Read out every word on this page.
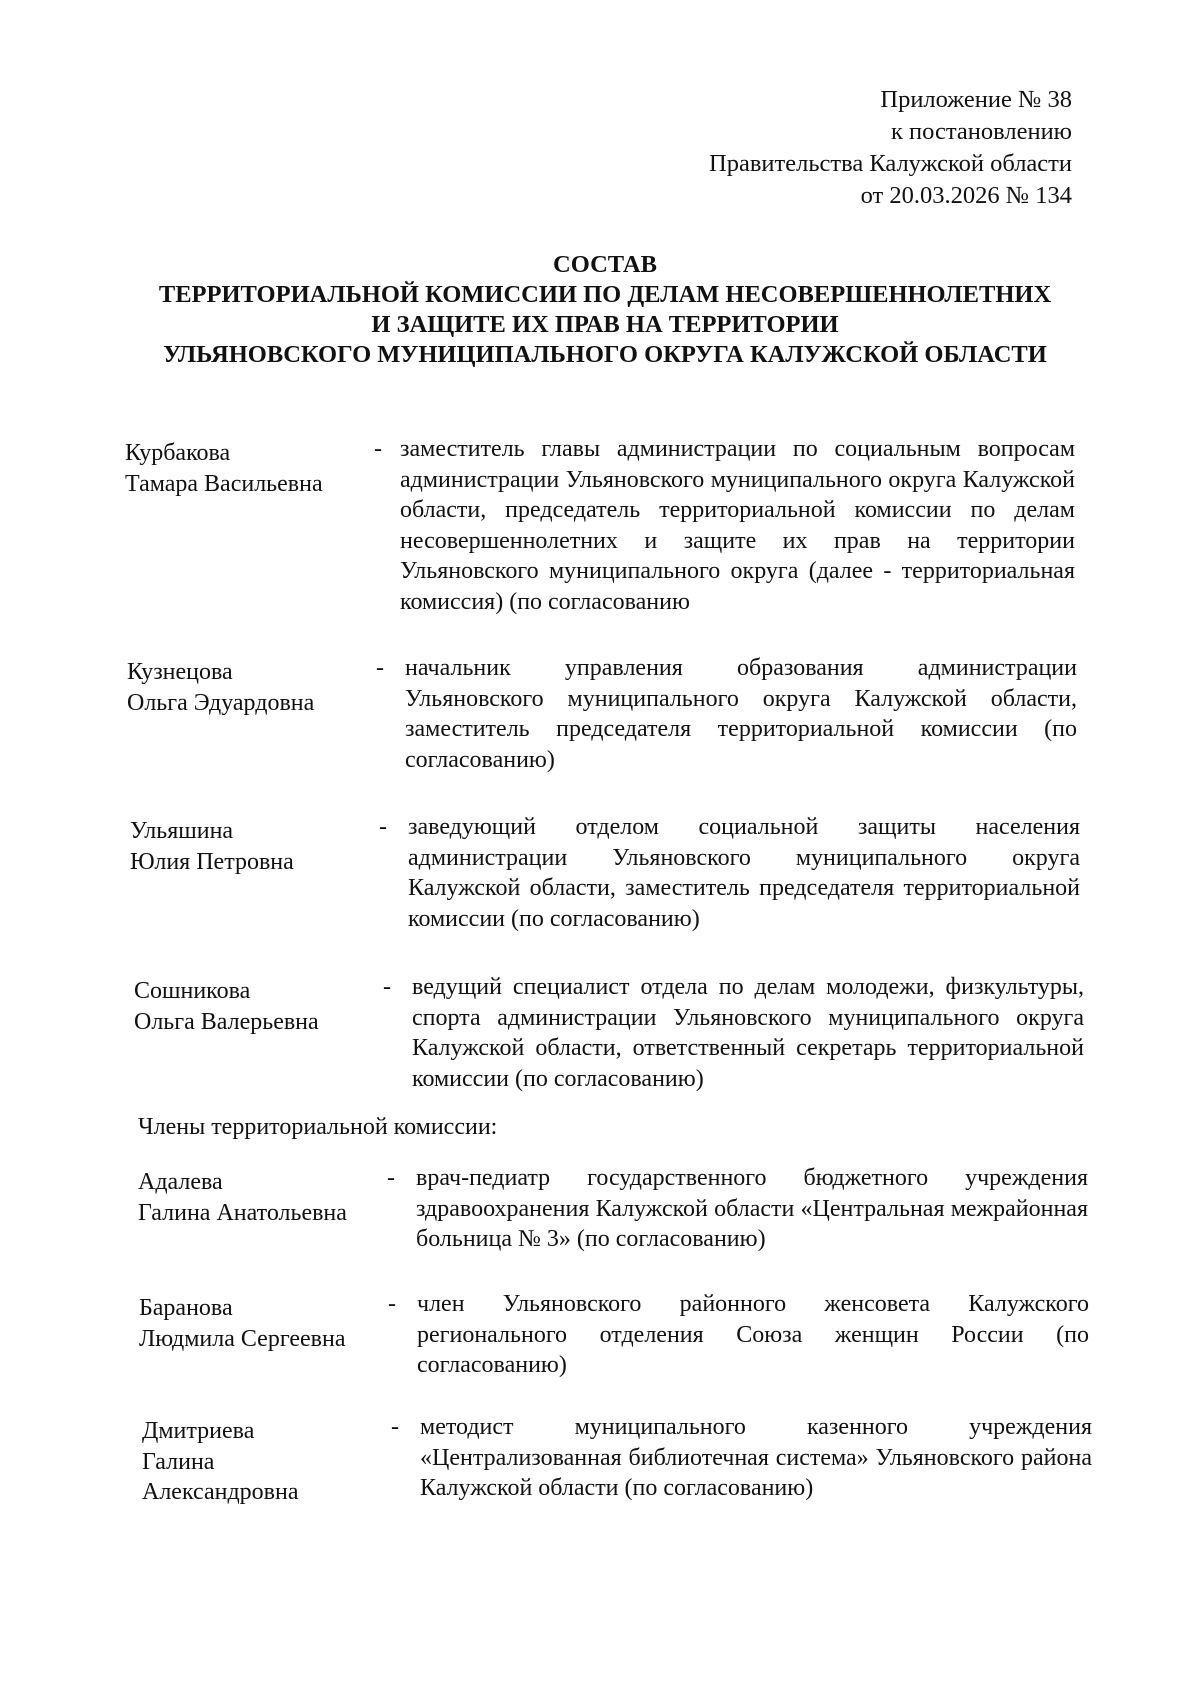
Приложение № 38
к постановлению
Правительства Калужской области
от 20.03.2026 № 134
СОСТАВ
ТЕРРИТОРИАЛЬНОЙ КОМИССИИ ПО ДЕЛАМ НЕСОВЕРШЕННОЛЕТНИХ
И ЗАЩИТЕ ИХ ПРАВ НА ТЕРРИТОРИИ
УЛЬЯНОВСКОГО МУНИЦИПАЛЬНОГО ОКРУГА КАЛУЖСКОЙ ОБЛАСТИ
Курбакова
Тамара Васильевна
- заместитель главы администрации по социальным вопросам администрации Ульяновского муниципального округа Калужской области, председатель территориальной комиссии по делам несовершеннолетних и защите их прав на территории Ульяновского муниципального округа (далее - территориальная комиссия) (по согласованию
Кузнецова
Ольга Эдуардовна
- начальник управления образования администрации Ульяновского муниципального округа Калужской области, заместитель председателя территориальной комиссии (по согласованию)
Ульяшина
Юлия Петровна
- заведующий отделом социальной защиты населения администрации Ульяновского муниципального округа Калужской области, заместитель председателя территориальной комиссии (по согласованию)
Сошникова
Ольга Валерьевна
- ведущий специалист отдела по делам молодежи, физкультуры, спорта администрации Ульяновского муниципального округа Калужской области, ответственный секретарь территориальной комиссии (по согласованию)
Члены территориальной комиссии:
Адалева
Галина Анатольевна
- врач-педиатр государственного бюджетного учреждения здравоохранения Калужской области «Центральная межрайонная больница № 3» (по согласованию)
Баранова
Людмила Сергеевна
- член Ульяновского районного женсовета Калужского регионального отделения Союза женщин России (по согласованию)
Дмитриева
Галина
Александровна
- методист муниципального казенного учреждения «Централизованная библиотечная система» Ульяновского района Калужской области (по согласованию)
